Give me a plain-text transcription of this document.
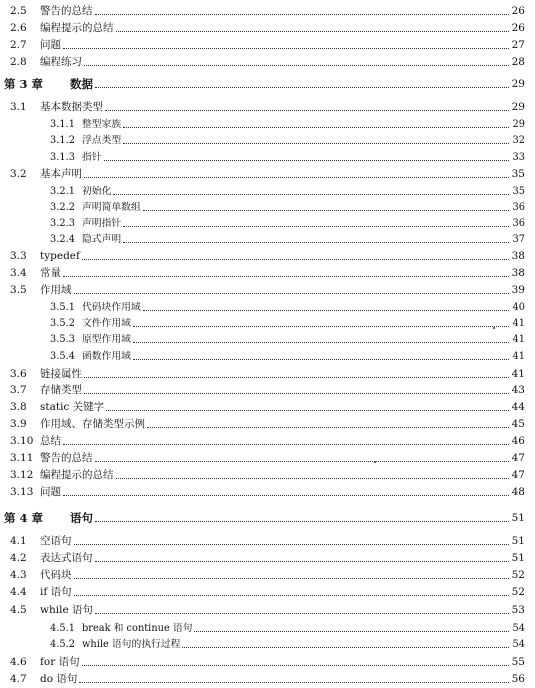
2.5	警告的总结	26
2.6	编程提示的总结	26
2.7	问题	27
2.8	编程练习	28
第 3 章	数据	29
3.1	基本数据类型	29
3.1.1 整型家族	29
3.1.2 浮点类型	32
3.1.3 指针	33
3.2	基本声明	35
3.2.1 初始化	35
3.2.2 声明简单数组	36
3.2.3 声明指针	36
3.2.4 隐式声明	37
3.3	typedef	38
3.4	常量	38
3.5	作用域	39
3.5.1 代码块作用域	40
3.5.2 文件作用域	41
3.5.3 原型作用域	41
3.5.4 函数作用域	41
3.6	链接属性	41
3.7	存储类型	43
3.8	static 关键字	44
3.9	作用域、存储类型示例	45
3.10 总结	46
3.11 警告的总结	47
3.12 编程提示的总结	47
3.13 问题	48
第 4 章	语句	51
4.1	空语句	51
4.2	表达式语句	51
4.3	代码块	52
4.4	if 语句	52
4.5	while 语句	53
4.5.1 break 和 continue 语句	54
4.5.2 while 语句的执行过程	54
4.6	for 语句	55
4.7	do 语句	56
